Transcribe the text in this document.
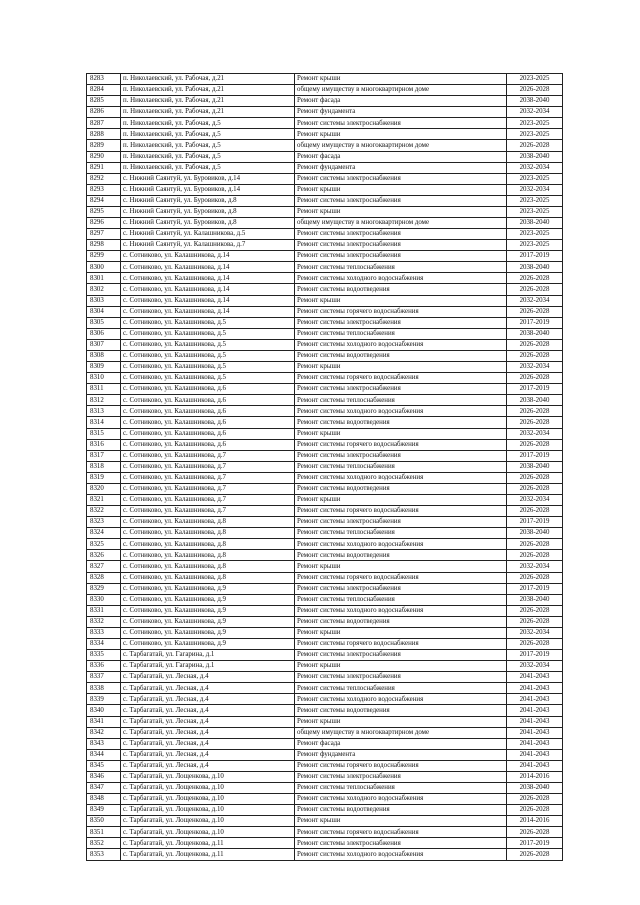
8283	п. Николаевский, ул. Рабочая, д.21	Ремонт крыши	2023-2025
8284	п. Николаевский, ул. Рабочая, д.21	общему имуществу в многоквартирном доме	2026-2028
8285	п. Николаевский, ул. Рабочая, д.21	Ремонт фасада	2038-2040
8286	п. Николаевский, ул. Рабочая, д.21	Ремонт фундамента	2032-2034
8287	п. Николаевский, ул. Рабочая, д.5	Ремонт системы электроснабжения	2023-2025
8288	п. Николаевский, ул. Рабочая, д.5	Ремонт крыши	2023-2025
8289	п. Николаевский, ул. Рабочая, д.5	общему имуществу в многоквартирном доме	2026-2028
8290	п. Николаевский, ул. Рабочая, д.5	Ремонт фасада	2038-2040
8291	п. Николаевский, ул. Рабочая, д.5	Ремонт фундамента	2032-2034
8292	с. Нижний Саянтуй, ул. Буровиков, д.14	Ремонт системы электроснабжения	2023-2025
8293	с. Нижний Саянтуй, ул. Буровиков, д.14	Ремонт крыши	2032-2034
8294	с. Нижний Саянтуй, ул. Буровиков, д.8	Ремонт системы электроснабжения	2023-2025
8295	с. Нижний Саянтуй, ул. Буровиков, д.8	Ремонт крыши	2023-2025
8296	с. Нижний Саянтуй, ул. Буровиков, д.8	общему имуществу в многоквартирном доме	2038-2040
8297	с. Нижний Саянтуй, ул. Калашникова, д.5	Ремонт системы электроснабжения	2023-2025
8298	с. Нижний Саянтуй, ул. Калашникова, д.7	Ремонт системы электроснабжения	2023-2025
8299	с. Сотниково, ул. Калашникова, д.14	Ремонт системы электроснабжения	2017-2019
8300	с. Сотниково, ул. Калашникова, д.14	Ремонт системы теплоснабжения	2038-2040
8301	с. Сотниково, ул. Калашникова, д.14	Ремонт системы холодного водоснабжения	2026-2028
8302	с. Сотниково, ул. Калашникова, д.14	Ремонт системы водоотведения	2026-2028
8303	с. Сотниково, ул. Калашникова, д.14	Ремонт крыши	2032-2034
8304	с. Сотниково, ул. Калашникова, д.14	Ремонт системы горячего водоснабжения	2026-2028
8305	с. Сотниково, ул. Калашникова, д.5	Ремонт системы электроснабжения	2017-2019
8306	с. Сотниково, ул. Калашникова, д.5	Ремонт системы теплоснабжения	2038-2040
8307	с. Сотниково, ул. Калашникова, д.5	Ремонт системы холодного водоснабжения	2026-2028
8308	с. Сотниково, ул. Калашникова, д.5	Ремонт системы водоотведения	2026-2028
8309	с. Сотниково, ул. Калашникова, д.5	Ремонт крыши	2032-2034
8310	с. Сотниково, ул. Калашникова, д.5	Ремонт системы горячего водоснабжения	2026-2028
8311	с. Сотниково, ул. Калашникова, д.6	Ремонт системы электроснабжения	2017-2019
8312	с. Сотниково, ул. Калашникова, д.6	Ремонт системы теплоснабжения	2038-2040
8313	с. Сотниково, ул. Калашникова, д.6	Ремонт системы холодного водоснабжения	2026-2028
8314	с. Сотниково, ул. Калашникова, д.6	Ремонт системы водоотведения	2026-2028
8315	с. Сотниково, ул. Калашникова, д.6	Ремонт крыши	2032-2034
8316	с. Сотниково, ул. Калашникова, д.6	Ремонт системы горячего водоснабжения	2026-2028
8317	с. Сотниково, ул. Калашникова, д.7	Ремонт системы электроснабжения	2017-2019
8318	с. Сотниково, ул. Калашникова, д.7	Ремонт системы теплоснабжения	2038-2040
8319	с. Сотниково, ул. Калашникова, д.7	Ремонт системы холодного водоснабжения	2026-2028
8320	с. Сотниково, ул. Калашникова, д.7	Ремонт системы водоотведения	2026-2028
8321	с. Сотниково, ул. Калашникова, д.7	Ремонт крыши	2032-2034
8322	с. Сотниково, ул. Калашникова, д.7	Ремонт системы горячего водоснабжения	2026-2028
8323	с. Сотниково, ул. Калашникова, д.8	Ремонт системы электроснабжения	2017-2019
8324	с. Сотниково, ул. Калашникова, д.8	Ремонт системы теплоснабжения	2038-2040
8325	с. Сотниково, ул. Калашникова, д.8	Ремонт системы холодного водоснабжения	2026-2028
8326	с. Сотниково, ул. Калашникова, д.8	Ремонт системы водоотведения	2026-2028
8327	с. Сотниково, ул. Калашникова, д.8	Ремонт крыши	2032-2034
8328	с. Сотниково, ул. Калашникова, д.8	Ремонт системы горячего водоснабжения	2026-2028
8329	с. Сотниково, ул. Калашникова, д.9	Ремонт системы электроснабжения	2017-2019
8330	с. Сотниково, ул. Калашникова, д.9	Ремонт системы теплоснабжения	2038-2040
8331	с. Сотниково, ул. Калашникова, д.9	Ремонт системы холодного водоснабжения	2026-2028
8332	с. Сотниково, ул. Калашникова, д.9	Ремонт системы водоотведения	2026-2028
8333	с. Сотниково, ул. Калашникова, д.9	Ремонт крыши	2032-2034
8334	с. Сотниково, ул. Калашникова, д.9	Ремонт системы горячего водоснабжения	2026-2028
8335	с. Тарбагатай, ул. Гагарина, д.1	Ремонт системы электроснабжения	2017-2019
8336	с. Тарбагатай, ул. Гагарина, д.1	Ремонт крыши	2032-2034
8337	с. Тарбагатай, ул. Лесная, д.4	Ремонт системы электроснабжения	2041-2043
8338	с. Тарбагатай, ул. Лесная, д.4	Ремонт системы теплоснабжения	2041-2043
8339	с. Тарбагатай, ул. Лесная, д.4	Ремонт системы холодного водоснабжения	2041-2043
8340	с. Тарбагатай, ул. Лесная, д.4	Ремонт системы водоотведения	2041-2043
8341	с. Тарбагатай, ул. Лесная, д.4	Ремонт крыши	2041-2043
8342	с. Тарбагатай, ул. Лесная, д.4	общему имуществу в многоквартирном доме	2041-2043
8343	с. Тарбагатай, ул. Лесная, д.4	Ремонт фасада	2041-2043
8344	с. Тарбагатай, ул. Лесная, д.4	Ремонт фундамента	2041-2043
8345	с. Тарбагатай, ул. Лесная, д.4	Ремонт системы горячего водоснабжения	2041-2043
8346	с. Тарбагатай, ул. Лощенкова, д.10	Ремонт системы электроснабжения	2014-2016
8347	с. Тарбагатай, ул. Лощенкова, д.10	Ремонт системы теплоснабжения	2038-2040
8348	с. Тарбагатай, ул. Лощенкова, д.10	Ремонт системы холодного водоснабжения	2026-2028
8349	с. Тарбагатай, ул. Лощенкова, д.10	Ремонт системы водоотведения	2026-2028
8350	с. Тарбагатай, ул. Лощенкова, д.10	Ремонт крыши	2014-2016
8351	с. Тарбагатай, ул. Лощенкова, д.10	Ремонт системы горячего водоснабжения	2026-2028
8352	с. Тарбагатай, ул. Лощенкова, д.11	Ремонт системы электроснабжения	2017-2019
8353	с. Тарбагатай, ул. Лощенкова, д.11	Ремонт системы холодного водоснабжения	2026-2028
